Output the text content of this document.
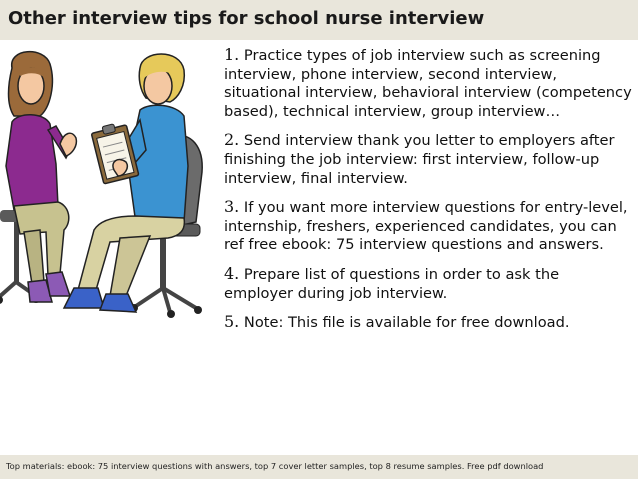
Other interview tips for school nurse interview

1. Practice types of job interview such as screening interview, phone interview, second interview, situational interview, behavioral interview (competency based), technical interview, group interview…

2. Send interview thank you letter to employers after finishing the job interview: first interview, follow-up interview, final interview.

3. If you want more interview questions for entry-level, internship, freshers, experienced candidates, you can ref free ebook: 75 interview questions and answers.

4. Prepare list of questions in order to ask the employer during job interview.

5. Note: This file is available for free download.

Top materials: ebook: 75 interview questions with answers, top 7 cover letter samples, top 8 resume samples. Free pdf download
